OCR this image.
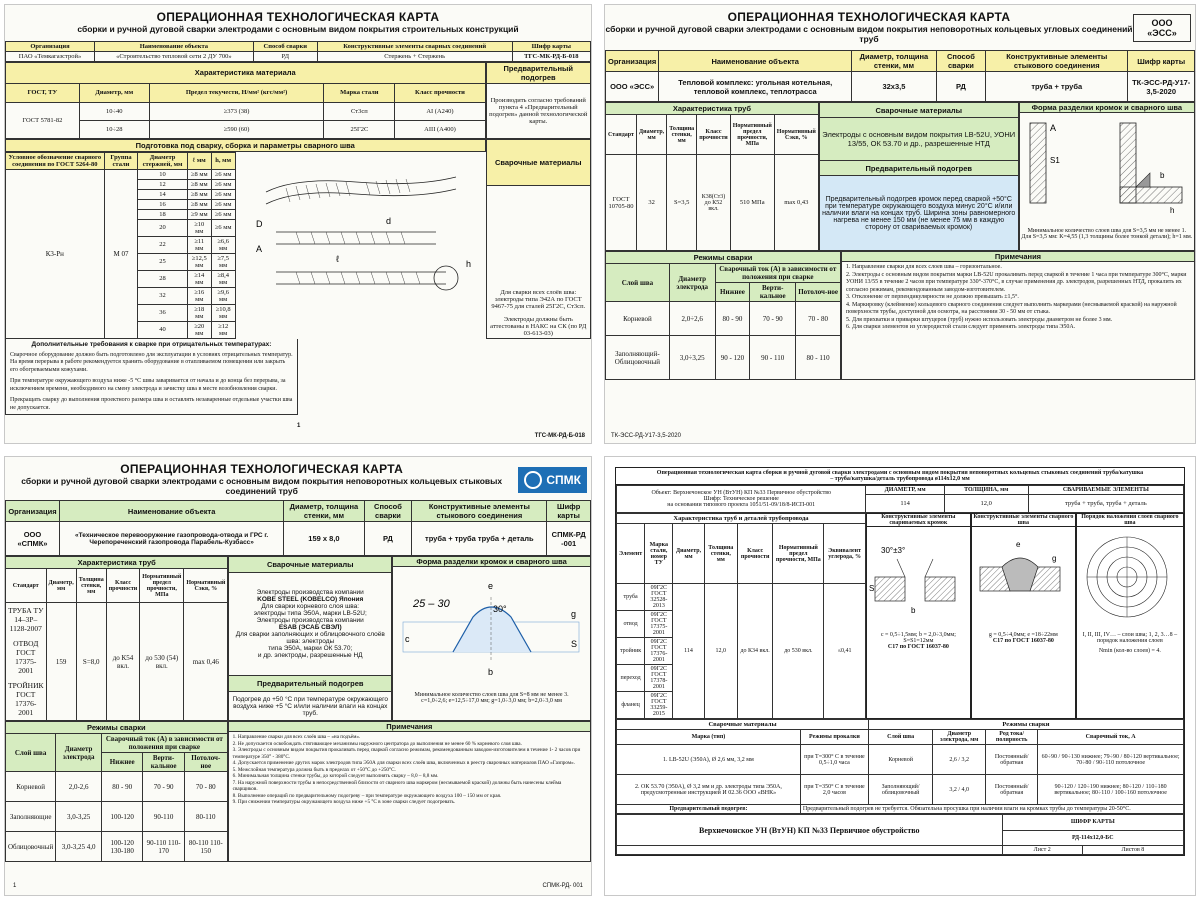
ОПЕРАЦИОННАЯ ТЕХНОЛОГИЧЕСКАЯ КАРТА
сборки и ручной дуговой сварки электродами с основным видом покрытия строительных конструкций
Организация	Наименование объекта	Способ сварки	Конструктивные элементы сварных соединений	Шифр карты
ПАО «Темкагазстрой»	«Строительство тепловой сети 2 ДУ 700»	РД	Стержень + Стержень	ТГС-МК-РД-Б-018
Характеристика материала				
ГОСТ, ТУ	Диаметр, мм	Предел текучести, Н/мм² (кгс/мм²)	Марка стали	Класс прочности
ГОСТ 5781-82	10÷40	≥373 (38)	Ст3сп	AI (A240)
	10÷28	≥590 (60)	25Г2С	AIII (A400)
Предварительный подогрев
Производить согласно требований пункта 4 «Предварительный подогрев» данной технологической карты.
Подготовка под сварку, сборка и параметры сварного шва
Условное обозначение сварного соединения по ГОСТ 5264-80	Группа стали	Диаметр стержней, мм	ℓ мм	h, мм
К3-Рн	М 07	10	≥8 мм	≥6 мм
		12	≥8 мм	≥6 мм
		14	≥8 мм	≥6 мм
		16	≥8 мм	≥6 мм
		18	≥9 мм	≥6 мм
		20	≥10 мм	≥6 мм
		22	≥11 мм	≥6,6 мм
		25	≥12,5 мм	≥7,5 мм
		28	≥14 мм	≥8,4 мм
		32	≥16 мм	≥9,6 мм
		36	≥18 мм	≥10,8 мм
		40	≥20 мм	≥12 мм
D	d
A
ℓ	h
Сварочные материалы

Для сварки всех слоёв шва: электроды типа Э42А по ГОСТ 9467-75 для сталей 25Г2С, Ст3сп.
Электроды должны быть аттестованы в НАКС на СК (по РД 03-613-03)
Дополнительные требования к сварке при отрицательных температурах:
Сварочное оборудование должно быть подготовлено для эксплуатации в условиях отрицательных температур. На время перерыва в работе рекомендуется хранить оборудование в отапливаемом помещении или закрыть его обогреваемыми кожухами.
При температуре окружающего воздуха ниже -5 °С швы заваривается от начала и до конца без перерыва, за исключением времени, необходимого на смену электрода и зачистку шва в месте возобновления сварки.
Прекращать сварку до выполнения проектного размера шва и оставлять незаваренные отдельные участки шва не допускается.
1
ТГС-МК-РД-Б-018
ОПЕРАЦИОННАЯ ТЕХНОЛОГИЧЕСКАЯ КАРТА
сборки и ручной дуговой сварки электродами с основным видом покрытия неповоротных кольцевых угловых соединений труб
ООО «ЭСС»
Организация	Наименование объекта	Диаметр, толщина стенки, мм	Способ сварки	Конструктивные элементы стыкового соединения	Шифр карты
ООО «ЭСС»	Тепловой комплекс: угольная котельная, тепловой комплекс, теплотрасса	32x3,5	РД	труба + труба	ТК-ЭСС-РД-У17-3,5-2020
Характеристика труб					
Стандарт	Диаметр, мм	Толщина стенки, мм	Класс прочности	Нормативный предел прочности, МПа	Нормативный Сэкв, %
ГОСТ 10705-80	32	S=3,5	К38(Ст3) до К52 вкл.	510 МПа	max 0,43
Сварочные материалы
Электроды с основным видом покрытия LB-52U, УОНИ 13/55, ОК 53.70 и др., разрешенные НТД
Предварительный подогрев
Предварительный подогрев кромок перед сваркой +50°С при температуре окружающего воздуха минус 20°С и/или наличии влаги на концах труб. Ширина зоны равномерного нагрева не менее 150 мм (не менее 75 мм в каждую сторону от свариваемых кромок)
Форма разделки кромок и сварного шва
A
S1
b
h
Минимальное количество слоев шва для S=3,5 мм не менее 1.
Для S=3,5 мм: K=4,55 (1,3 толщины более тонкой детали); h=1 мм.
Режимы сварки				
Слой шва	Диаметр электрода	Сварочный ток (А) в зависимости от положения при сварке		
		Нижнее	Верти-кальное	Потолоч-ное
Корневой	2,0÷2,6	80 - 90	70 - 90	70 - 80
Заполняющий-Облицовочный	3,0÷3,25	90 - 120	90 - 110	80 - 110
Примечания
1. Направление сварки для всех слоев шва – горизонтальное.
2. Электроды с основным видом покрытия марки LB-52U прокаливать перед сваркой в течение 1 часа при температуре 300°С, марки УОНИ 13/55 в течение 2 часов при температуре 330°-370°С, в случае применения др. электродов, разрешенных НТД, прокалить их согласно режимам, рекомендованным заводом-изготовителем.
3. Отклонение от перпендикулярности не должно превышать ±1,5°.
4. Маркировку (клеймение) кольцевого сварного соединения следует выполнить маркерами (несмываемой краской) на наружной поверхности трубы, доступной для осмотра, на расстоянии 30 - 50 мм от стыка.
5. Для прихватки и приварки штуцеров (труб) нужно использовать электроды диаметром не более 3 мм.
6. Для сварки элементов из углеродистой стали следует применять электроды типа Э50А.
ТК-ЭСС-РД-У17-3,5-2020
ОПЕРАЦИОННАЯ ТЕХНОЛОГИЧЕСКАЯ КАРТА
сборки и ручной дуговой сварки электродами с основным видом покрытия неповоротных кольцевых стыковых соединений труб
СПМК
Организация	Наименование объекта	Диаметр, толщина стенки, мм	Способ сварки	Конструктивные элементы стыкового соединения	Шифр карты
ООО «СПМК»	«Техническое перевооружение газопровода-отвода и ГРС г. Черепореченский газопровода Парабель-Кузбасс»	159 x 8,0	РД	труба + труба труба + деталь	СПМК-РД -001
Характеристика труб					
Стандарт	Диаметр, мм	Толщина стенки, мм	Класс прочности	Нормативный предел прочности, МПа	Нормативный Сэкв, %

ТРУБА ТУ 14–3Р–1128-2007
ОТВОД ГОСТ 17375-2001
ТРОЙНИК ГОСТ 17376-2001	159	S=8,0	до К54 вкл.	до 530 (54) вкл.	max 0,46
Сварочные материалы

Электроды производства компании
KOBE STEEL (KOBELCO) Япония
Для сварки корневого слоя шва:
электроды типа Э50А, марки LB-52U;
Электроды производства компании
ESAB (ЭСАБ СВЭЛ)
Для сварки заполняющих и облицовочного слоёв шва: электроды
типа Э50А, марки ОК 53.70;
и др. электроды, разрешенные НД

Предварительный подогрев
Подогрев до +50 °С при температуре окружающего воздуха ниже +5 °С и/или наличии влаги на концах труб.
Форма разделки кромок и сварного шва
25 – 30	30°
e
g
c
b
S
Минимальное количество слоев шва для S=8 мм не менее 3.
c=1,0÷2,6; e=12,5÷17,0 мм; g=1,0÷3,0 мм; b=2,0÷3,0 мм
Режимы сварки				
Слой шва	Диаметр электрода	Сварочный ток (А) в зависимости от положения при сварке		
		Нижнее	Верти-кальное	Потолоч-ное
Корневой	2,0-2,6	80 - 90	70 - 90	70 - 80
Заполняющие	3,0-3,25	100-120	90-110	80-110
Облицовочный	3,0-3,25 4,0	100-120 130-180	90-110 110-170	80-110 110-150
Примечания
1. Направление сварки для всех слоёв шва – «на подъём».
2. Не допускается освобождать стягивающее механизмы наружного центратора до выполнения не менее 60 % корневого слоя шва.
3. Электроды с основным видом покрытия прокаливать перед сваркой согласно режимам, рекомендованным заводом-изготовителем в течение 1- 2 часов при температуре 350° - 380°С.
4. Допускается применение других марок электродов типа Э50А для сварки всех слоёв шва, включенных в реестр сварочных материалов ПАО «Газпром».
5. Межслойная температура должна быть в пределах от +50°С до +250°С.
6. Минимальная толщина стенки трубы, до которой следует выполнять сварку – 8,0 – 8,8 мм.
7. На наружной поверхности трубы в непосредственной близости от сварного шва маркером (несмываемой краской) должны быть нанесены клейма сварщиков.
8. Выполнение операций по предварительному подогреву – при температуре окружающего воздуха 100 – 150 мм от края.
9. При снижении температуры окружающего воздуха ниже +5 °С в зоне сварки следует подогревать.
1	СПМК-РД- 001
Операционная технологическая карта сборки и ручной дуговой сварки электродами с основным видом покрытия неповоротных кольцевых стыковых соединений труба/катушка – труба/катушка/деталь трубопровода ø114x12,0 мм
Объект: Верхнечонское УН (ВтУН) КП №33 Первичное обустройство
Шифр: Техническое решение
на основании типового проекта 1051/51-09/18/8-ИСП-001	ДИАМЕТР, мм	ТОЛЩИНА, мм	СВАРИВАЕМЫЕ ЭЛЕМЕНТЫ
	114	12,0	труба + труба, труба + деталь
Характеристика труб и деталей трубопровода						
Элемент	Марка стали, номер ТУ	Диаметр, мм	Толщина стенки, мм	Класс прочности	Нормативный предел прочности, МПа	Эквивалент углерода, %
труба	09Г2С ГОСТ 32528-2013	114	12,0	до К34 вкл.	до 530 вкл.	≤0,41
отвод	09Г2С ГОСТ 17375-2001					
тройник	09Г2С ГОСТ 17376-2001					
переход	09Г2С ГОСТ 17378-2001					
фланец	09Г2С ГОСТ 33259-2015					
Конструктивные элементы свариваемых кромок
30°±3°
b
S
c = 0,5÷1,5мм; b = 2,0÷3,0мм; S=S1=12мм
С17 по ГОСТ 16037-80
Конструктивные элементы сварного шва
e
g
g = 0,5÷4,0мм; e =18÷22мм
С17 по ГОСТ 16037-80
Порядок наложения слоев сварного шва
I, II, III, IV… – слои шва; 1, 2, 3…8 – порядок наложения слоев
Nmin (кол-во слоев) = 4.
Сварочные материалы		Режимы сварки			
Марка (тип)	Режимы прокалки	Слой шва	Диаметр электрода, мм	Род тока/ полярность	Сварочный ток, А
1. LB-52U (Э50А), Ø 2,6 мм, 3,2 мм	при T=300° С в течение 0,5÷1,0 часа	Корневой	2,6 / 3,2	Постоянный/ обратная	60÷90 / 90÷130 нижнее; 79÷90 / 80÷120 вертикальное; 70÷80 / 90÷110 потолочное
2. ОК 53.70 (Э50А), Ø 3,2 мм и др. электроды типа Э50А, предусмотренные инструкцией И 02.36 ООО «ВНК»	при T=350° С в течение 2,0 часов	Заполняющий/ облицовочный	3,2 / 4,0	Постоянный/ обратная	90÷120 / 120÷190 нижнее; 80÷120 / 110÷180 вертикальное; 80÷110 / 100÷160 потолочное
Предварительный подогрев:	Предварительный подогрев не требуется. Обязательна просушка при наличии влаги на кромках трубы до температуры 20-50°С.				
Верхнечонское УН (ВтУН) КП №33 Первичное обустройство	ШИФР КАРТЫ	
	РД-114х12,0-БС	
	Лист 2	Листов 8
